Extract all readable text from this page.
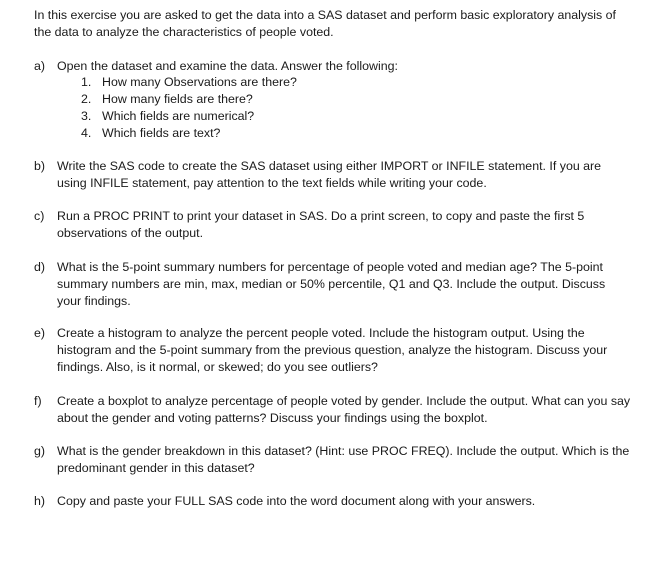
In this exercise you are asked to get the data into a SAS dataset and perform basic exploratory analysis of the data to analyze the characteristics of people voted.
a) Open the dataset and examine the data. Answer the following:
1. How many Observations are there?
2. How many fields are there?
3. Which fields are numerical?
4. Which fields are text?
b) Write the SAS code to create the SAS dataset using either IMPORT or INFILE statement. If you are using INFILE statement, pay attention to the text fields while writing your code.
c)	Run a PROC PRINT to print your dataset in SAS. Do a print screen, to copy and paste the first 5 observations of the output.
d) What is the 5-point summary numbers for percentage of people voted and median age? The 5-point summary numbers are min, max, median or 50% percentile, Q1 and Q3. Include the output. Discuss your findings.
e) Create a histogram to analyze the percent people voted. Include the histogram output. Using the histogram and the 5-point summary from the previous question, analyze the histogram. Discuss your findings. Also, is it normal, or skewed; do you see outliers?
f)	Create a boxplot to analyze percentage of people voted by gender. Include the output. What can you say about the gender and voting patterns? Discuss your findings using the boxplot.
g) What is the gender breakdown in this dataset? (Hint: use PROC FREQ). Include the output. Which is the predominant gender in this dataset?
h) Copy and paste your FULL SAS code into the word document along with your answers.
